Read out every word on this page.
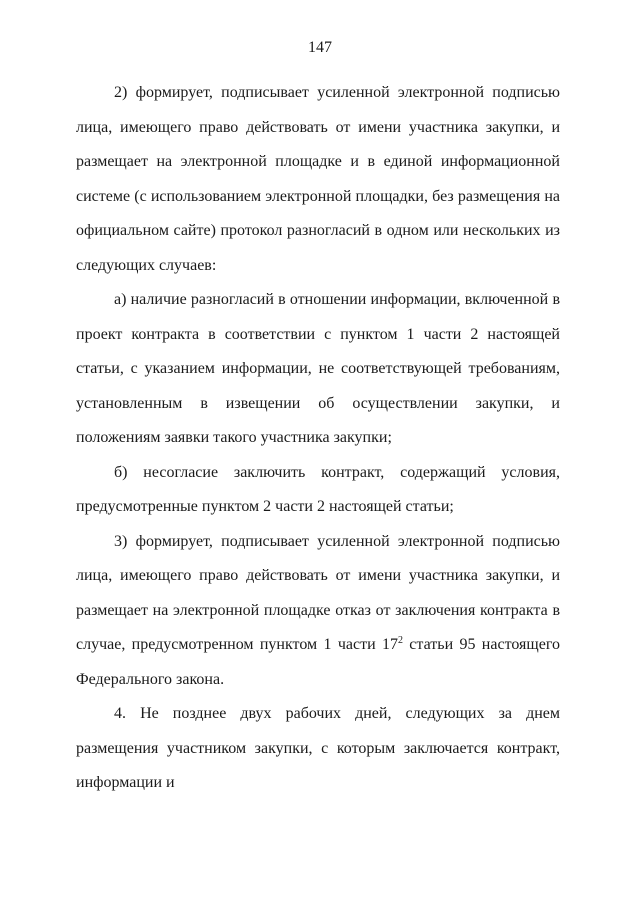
147

2) формирует, подписывает усиленной электронной подписью лица, имеющего право действовать от имени участника закупки, и размещает на электронной площадке и в единой информационной системе (с использованием электронной площадки, без размещения на официальном сайте) протокол разногласий в одном или нескольких из следующих случаев:

а) наличие разногласий в отношении информации, включенной в проект контракта в соответствии с пунктом 1 части 2 настоящей статьи, с указанием информации, не соответствующей требованиям, установленным в извещении об осуществлении закупки, и положениям заявки такого участника закупки;

б) несогласие заключить контракт, содержащий условия, предусмотренные пунктом 2 части 2 настоящей статьи;

3) формирует, подписывает усиленной электронной подписью лица, имеющего право действовать от имени участника закупки, и размещает на электронной площадке отказ от заключения контракта в случае, предусмотренном пунктом 1 части $17^2$ статьи 95 настоящего Федерального закона.

4. Не позднее двух рабочих дней, следующих за днем размещения участником закупки, с которым заключается контракт, информации и
